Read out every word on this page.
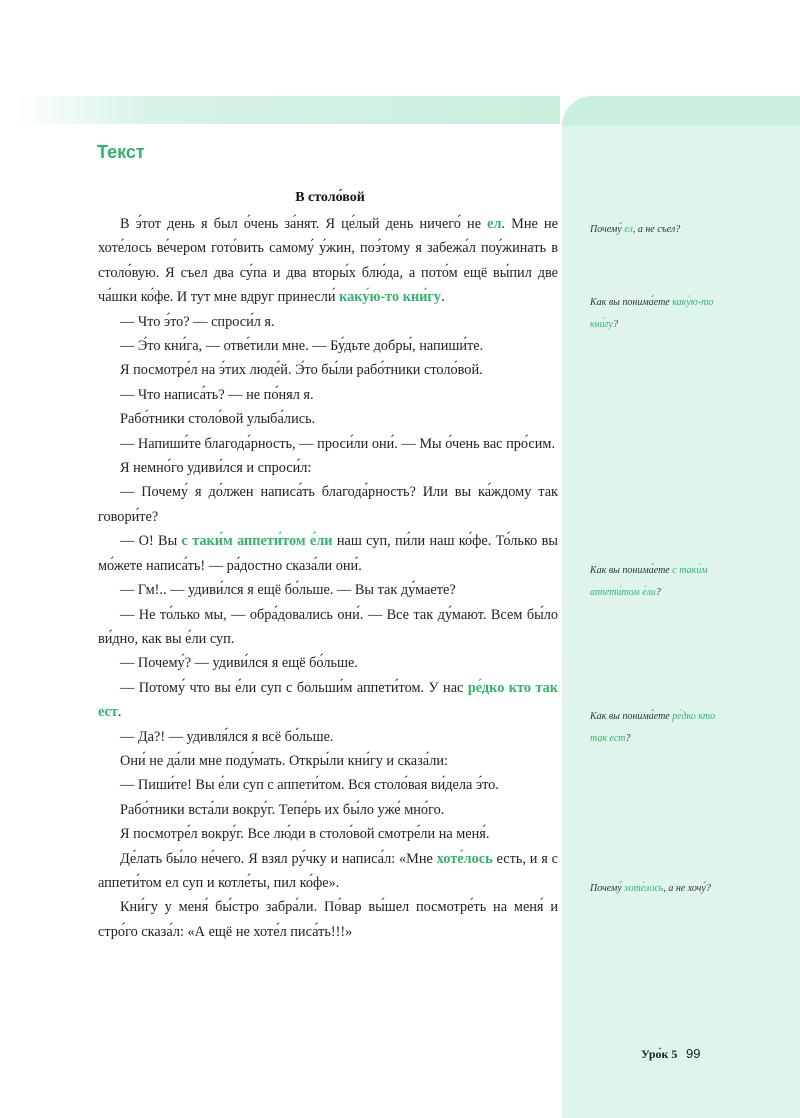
Текст
В столо́вой

В э́тот день я был о́чень за́нят. Я це́лый день ничего́ не ел. Мне не хоте́лось ве́чером гото́вить самому́ у́жин, поэ́тому я забежа́л поу́жинать в столо́вую. Я съел два су́па и два вторы́х блю́да, а пото́м ещё вы́пил две ча́шки ко́фе. И тут мне вдруг принесли́ каку́ю-то кни́гу.

— Что э́то? — спроси́л я.

— Э́то кни́га, — отве́тили мне. — Бу́дьте добры́, напиши́те.

Я посмотре́л на э́тих люде́й. Э́то бы́ли рабо́тники столо́вой.

— Что написа́ть? — не по́нял я.

Рабо́тники столо́вой улыба́лись.

— Напиши́те благода́рность, — проси́ли они́. — Мы о́чень вас про́сим.

Я немно́го удиви́лся и спроси́л:

— Почему́ я до́лжен написа́ть благода́рность? Или вы ка́ждому так говори́те?

— О! Вы с таки́м аппети́том е́ли наш суп, пи́ли наш ко́фе. То́лько вы мо́жете написа́ть! — ра́достно сказа́ли они́.

— Гм!.. — удиви́лся я ещё бо́льше. — Вы так ду́маете?

— Не то́лько мы, — обра́довались они́. — Все так ду́мают. Всем бы́ло ви́дно, как вы е́ли суп.

— Почему́? — удиви́лся я ещё бо́льше.

— Потому́ что вы е́ли суп с больши́м аппети́том. У нас ре́дко кто так ест.

— Да?! — удивля́лся я всё бо́льше.

Они́ не да́ли мне поду́мать. Откры́ли кни́гу и сказа́ли:

— Пиши́те! Вы е́ли суп с аппети́том. Вся столо́вая ви́дела э́то.

Рабо́тники вста́ли вокру́г. Тепе́рь их бы́ло уже́ мно́го.

Я посмотре́л вокру́г. Все лю́ди в столо́вой смотре́ли на меня́.

Де́лать бы́ло не́чего. Я взял ру́чку и написа́л: «Мне хоте́лось есть, и я с аппети́том ел суп и котле́ты, пил ко́фе».

Кни́гу у меня́ бы́стро забра́ли. По́вар вы́шел посмотре́ть на меня́ и стро́го сказа́л: «А ещё не хоте́л писа́ть!!!»

Почему́ ел, а не съел?

Как вы понима́ете каку́ю-то кни́гу?

Как вы понима́ете с таки́м аппети́том е́ли?

Как вы понима́ете ре́дко кто так ест?

Почему́ хоте́лось, а не хочу́?

Уро́к 5 99
